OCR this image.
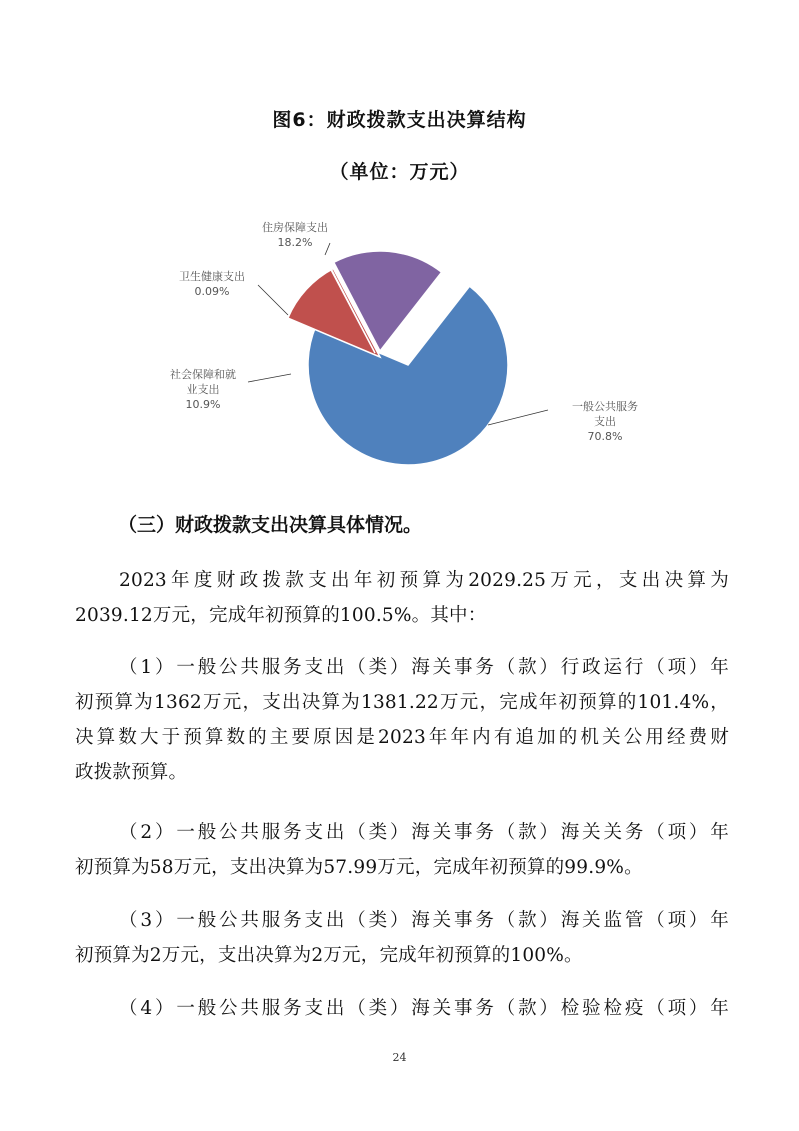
图6：财政拨款支出决算结构
（单位：万元）
一般公共服务支出 70.8%
社会保障和就业支出 10.9%
卫生健康支出 0.09%
住房保障支出 18.2%
（三）财政拨款支出决算具体情况。
2023年度财政拨款支出年初预算为2029.25万元，支出决算为
2039.12万元，完成年初预算的100.5%。其中：
（1）一般公共服务支出（类）海关事务（款）行政运行（项）年
初预算为1362万元，支出决算为1381.22万元，完成年初预算的101.4%，
决算数大于预算数的主要原因是2023年年内有追加的机关公用经费财
政拨款预算。
（2）一般公共服务支出（类）海关事务（款）海关关务（项）年
初预算为58万元，支出决算为57.99万元，完成年初预算的99.9%。
（3）一般公共服务支出（类）海关事务（款）海关监管（项）年
初预算为2万元，支出决算为2万元，完成年初预算的100%。
（4）一般公共服务支出（类）海关事务（款）检验检疫（项）年
24
